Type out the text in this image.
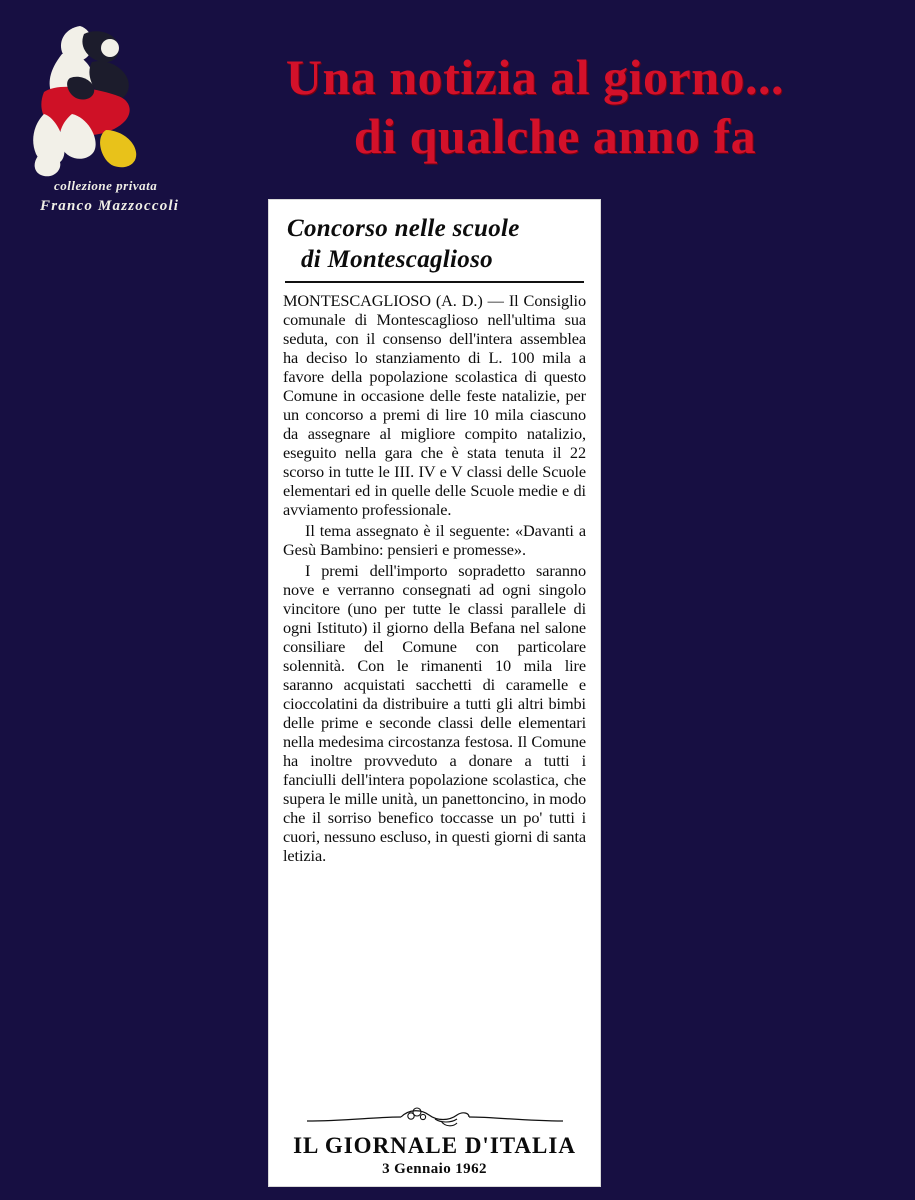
collezione privata
Franco Mazzoccoli
Una notizia al giorno...
di qualche anno fa
Concorso nelle scuole
di Montescaglioso

MONTESCAGLIOSO (A. D.) — Il Consiglio comunale di Montescaglioso nell'ultima sua seduta, con il consenso dell'intera assemblea ha deciso lo stanziamento di L. 100 mila a favore della popolazione scolastica di questo Comune in occasione delle feste natalizie, per un concorso a premi di lire 10 mila ciascuno da assegnare al migliore compito natalizio, eseguito nella gara che è stata tenuta il 22 scorso in tutte le III. IV e V classi delle Scuole elementari ed in quelle delle Scuole medie e di avviamento professionale.

Il tema assegnato è il seguente: «Davanti a Gesù Bambino: pensieri e promesse».

I premi dell'importo sopradetto saranno nove e verranno consegnati ad ogni singolo vincitore (uno per tutte le classi parallele di ogni Istituto) il giorno della Befana nel salone consiliare del Comune con particolare solennità. Con le rimanenti 10 mila lire saranno acquistati sacchetti di caramelle e cioccolatini da distribuire a tutti gli altri bimbi delle prime e seconde classi delle elementari nella medesima circostanza festosa. Il Comune ha inoltre provveduto a donare a tutti i fanciulli dell'intera popolazione scolastica, che supera le mille unità, un panettoncino, in modo che il sorriso benefico toccasse un po' tutti i cuori, nessuno escluso, in questi giorni di santa letizia.

IL GIORNALE D'ITALIA
3 Gennaio 1962
